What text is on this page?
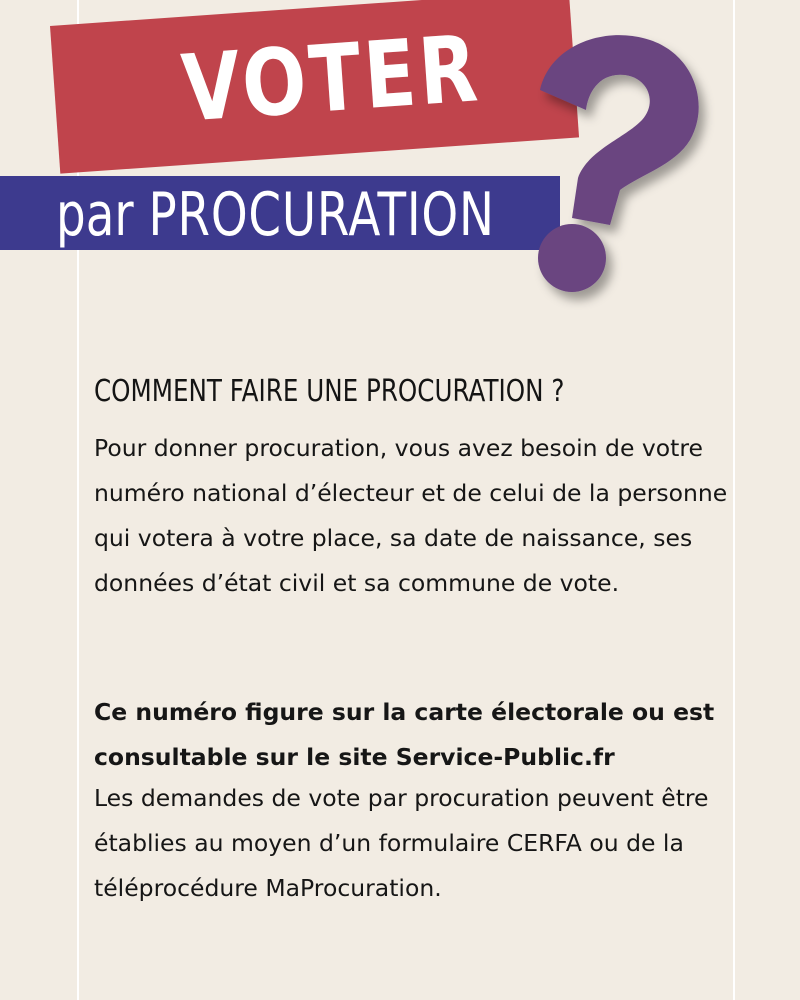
VOTER
par PROCURATION
COMMENT FAIRE UNE PROCURATION ?

Pour donner procuration, vous avez besoin de votre numéro national d’électeur et de celui de la personne qui votera à votre place, sa date de naissance, ses données d’état civil et sa commune de vote.

Ce numéro figure sur la carte électorale ou est consultable sur le site Service-Public.fr

Les demandes de vote par procuration peuvent être établies au moyen d’un formulaire CERFA ou de la téléprocédure MaProcuration.
